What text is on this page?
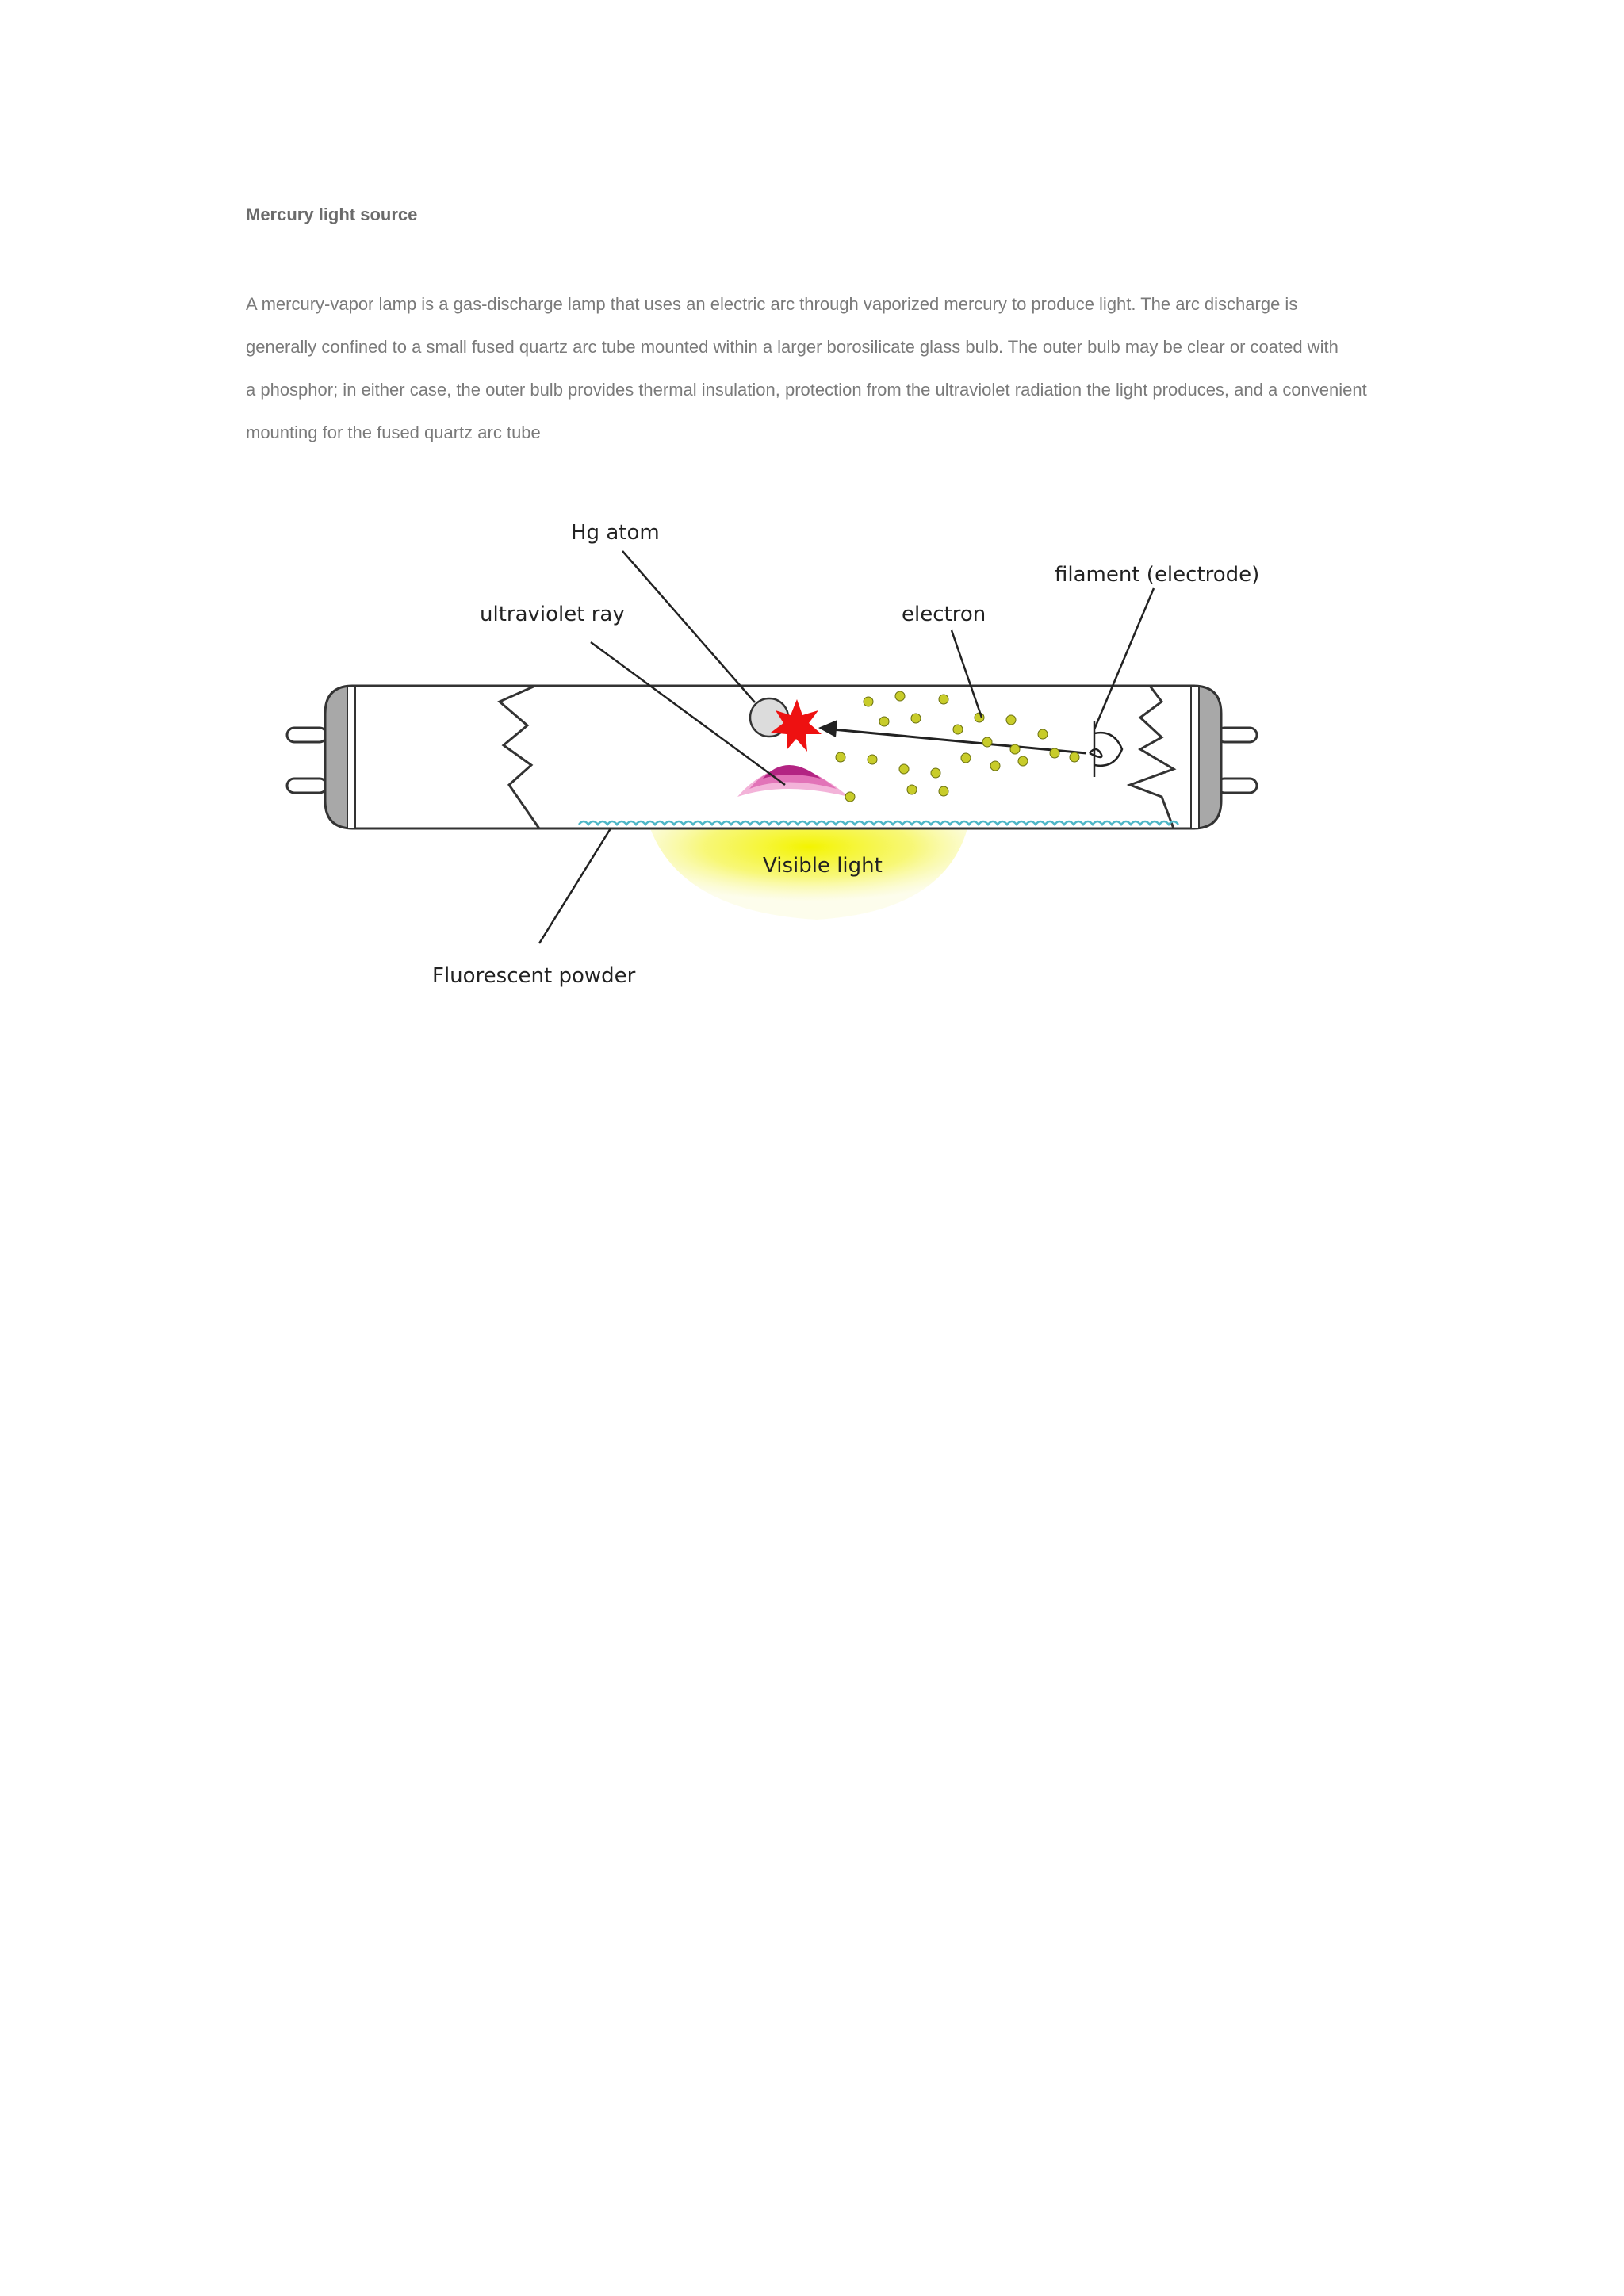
Mercury light source
A mercury-vapor lamp is a gas-discharge lamp that uses an electric arc through vaporized mercury to produce light. The arc discharge is
generally confined to a small fused quartz arc tube mounted within a larger borosilicate glass bulb. The outer bulb may be clear or coated with
a phosphor; in either case, the outer bulb provides thermal insulation, protection from the ultraviolet radiation the light produces, and a convenient
mounting for the fused quartz arc tube
Hg atom
filament (electrode)
ultraviolet ray	electron
Visible light
Fluorescent powder
